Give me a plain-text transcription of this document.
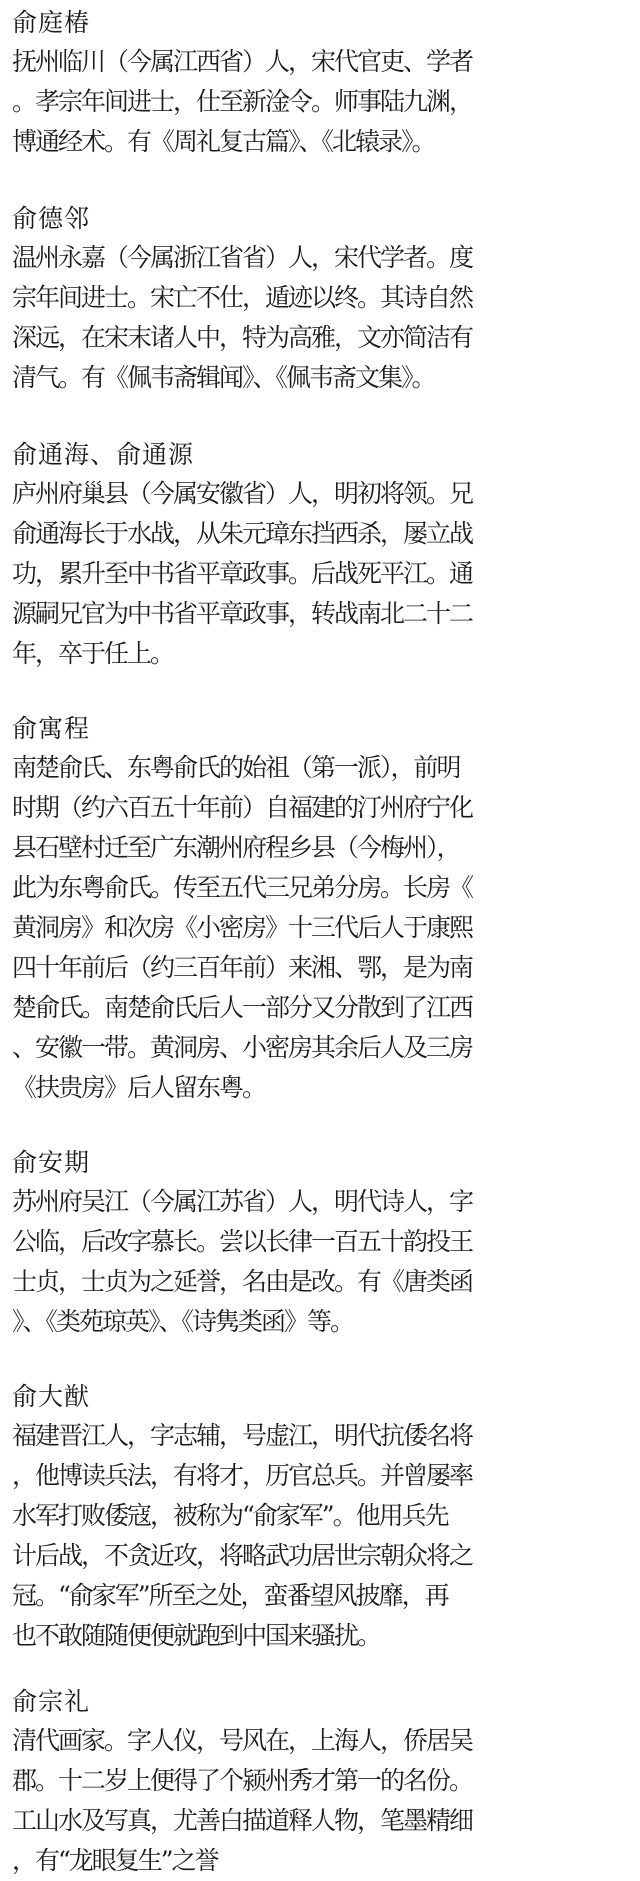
俞庭椿
抚州临川（今属江西省）人，宋代官吏、学者
。孝宗年间进士，仕至新淦令。师事陆九渊，
博通经术。有《周礼复古篇》、《北辕录》。
俞德邻
温州永嘉（今属浙江省省）人，宋代学者。度
宗年间进士。宋亡不仕，遁迹以终。其诗自然
深远，在宋末诸人中，特为高雅，文亦简洁有
清气。有《佩韦斋辑闻》、《佩韦斋文集》。
俞通海、俞通源
庐州府巢县（今属安徽省）人，明初将领。兄
俞通海长于水战，从朱元璋东挡西杀，屡立战
功，累升至中书省平章政事。后战死平江。通
源嗣兄官为中书省平章政事，转战南北二十二
年，卒于任上。
俞寓程
南楚俞氏、东粤俞氏的始祖（第一派），前明
时期（约六百五十年前）自福建的汀州府宁化
县石壁村迁至广东潮州府程乡县（今梅州），
此为东粤俞氏。传至五代三兄弟分房。长房《
黄洞房》和次房《小密房》十三代后人于康熙
四十年前后（约三百年前）来湘、鄂，是为南
楚俞氏。南楚俞氏后人一部分又分散到了江西
、安徽一带。黄洞房、小密房其余后人及三房
《扶贵房》后人留东粤。
俞安期
苏州府吴江（今属江苏省）人，明代诗人，字
公临，后改字慕长。尝以长律一百五十韵投王
士贞，士贞为之延誉，名由是改。有《唐类函
》、《类苑琼英》、《诗隽类函》等。
俞大猷
福建晋江人，字志辅，号虚江，明代抗倭名将
，他博读兵法，有将才，历官总兵。并曾屡率
水军打败倭寇，被称为“俞家军”。他用兵先
计后战，不贪近攻，将略武功居世宗朝众将之
冠。“俞家军”所至之处，蛮番望风披靡，再
也不敢随随便便就跑到中国来骚扰。
俞宗礼
清代画家。字人仪，号风在，上海人，侨居吴
郡。十二岁上便得了个颍州秀才第一的名份。
工山水及写真，尤善白描道释人物，笔墨精细
，有“龙眼复生”之誉
